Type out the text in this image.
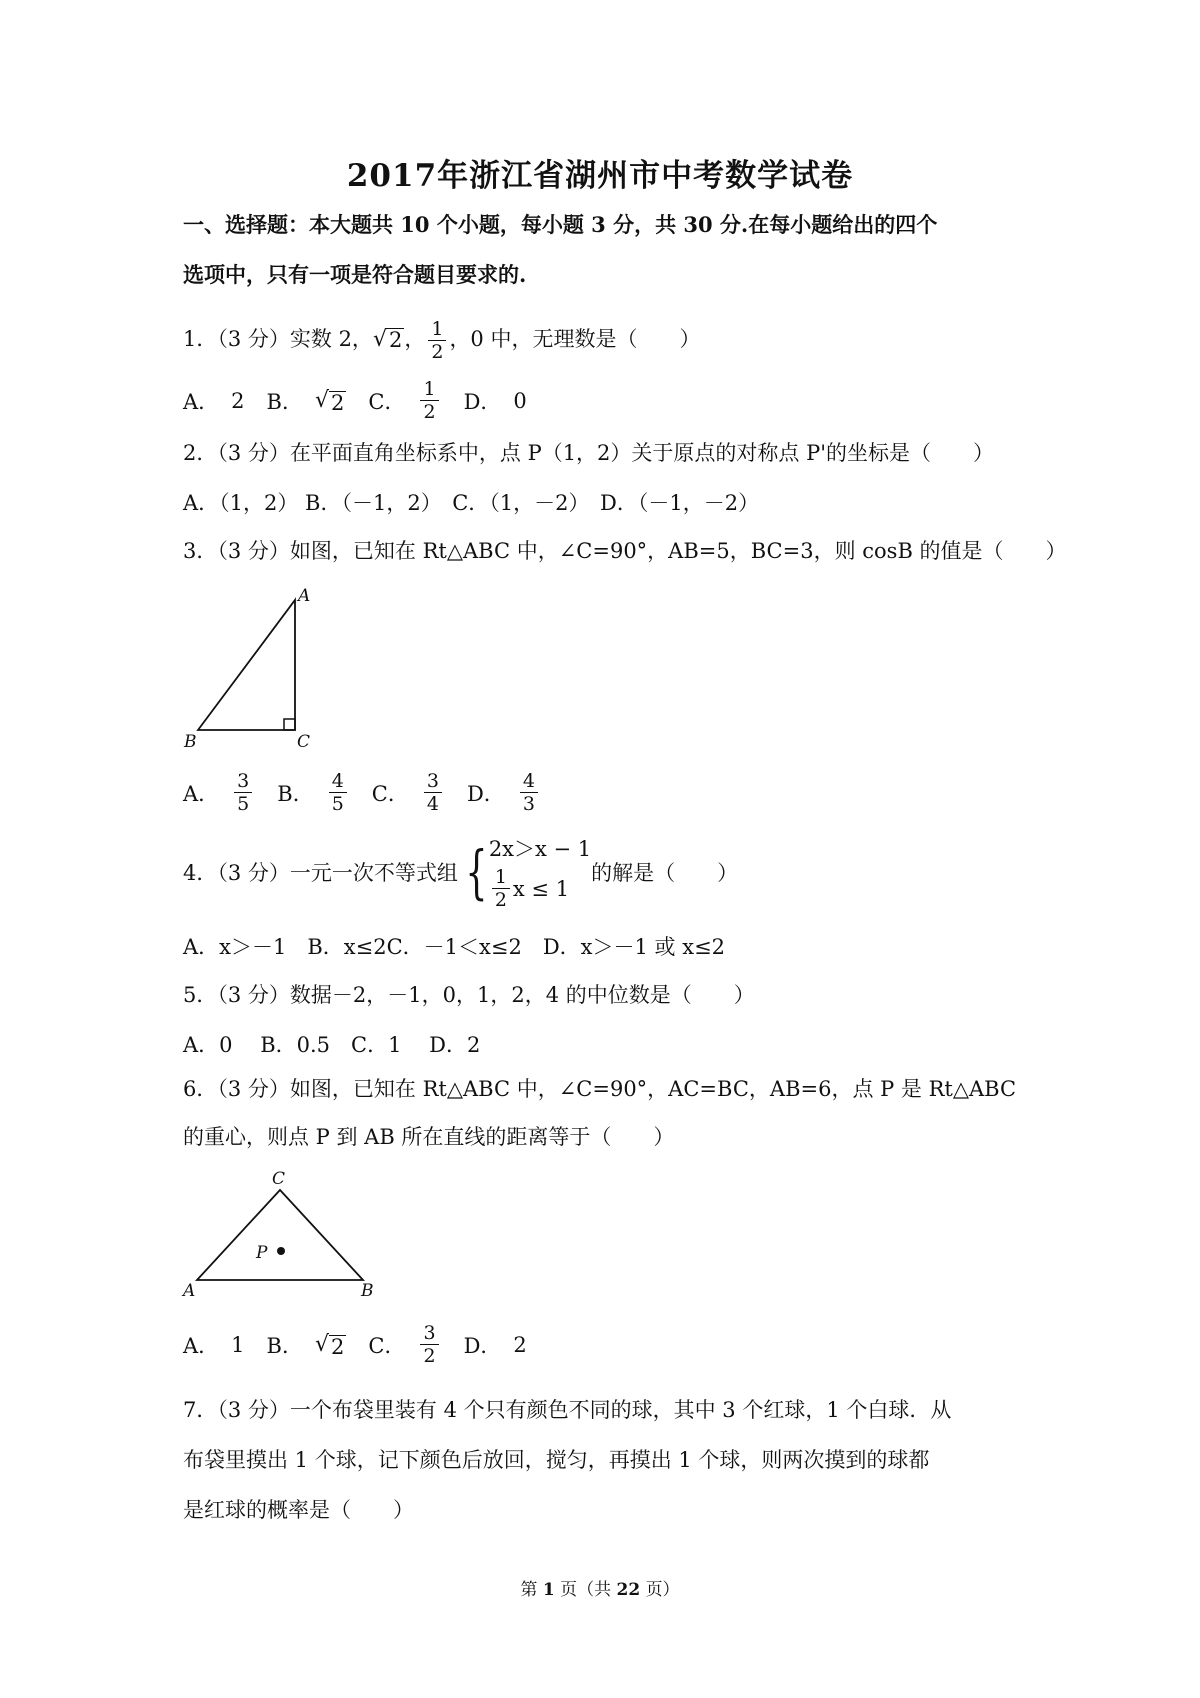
2017年浙江省湖州市中考数学试卷
一、选择题：本大题共 10 个小题，每小题 3 分，共 30 分.在每小题给出的四个
选项中，只有一项是符合题目要求的.
1．（3 分）实数 2， √ 2 ， $\frac{1}{2}$ ，0 中，无理数是（　　）
A． 2 B． √ 2 C． $\frac{1}{2}$ D． 0
2．（3 分）在平面直角坐标系中，点 P（1，2）关于原点的对称点 P'的坐标是（　　）
A．（1，2） B．（－1，2）　C．（1，－2）　D．（－1，－2）
3．（3 分）如图，已知在 Rt△ABC 中，∠C=90°，AB=5，BC=3，则 cosB 的值是（　　）
A
B	C
A． $\frac{3}{5}$ B． $\frac{4}{5}$ C． $\frac{3}{4}$ D． $\frac{4}{3}$
4．（3 分）一元一次不等式组 { 2x＞x − 1
$\frac{1}{2}$ x ≤ 1
的解是（　　）
A．x＞－1　B．x≤2C．－1＜x≤2　D．x＞－1 或 x≤2
5．（3 分）数据－2，－1，0，1，2，4 的中位数是（　　）
A．0　 B．0.5　C．1　 D．2
6．（3 分）如图，已知在 Rt△ABC 中，∠C=90°，AC=BC，AB=6，点 P 是 Rt△ABC
的重心，则点 P 到 AB 所在直线的距离等于（　　）
C
A	B
P
A． 1 B． √ 2 C． $\frac{3}{2}$ D． 2
7．（3 分）一个布袋里装有 4 个只有颜色不同的球，其中 3 个红球，1 个白球．从
布袋里摸出 1 个球，记下颜色后放回，搅匀，再摸出 1 个球，则两次摸到的球都
是红球的概率是（　　）
第 1 页（共 22 页）
